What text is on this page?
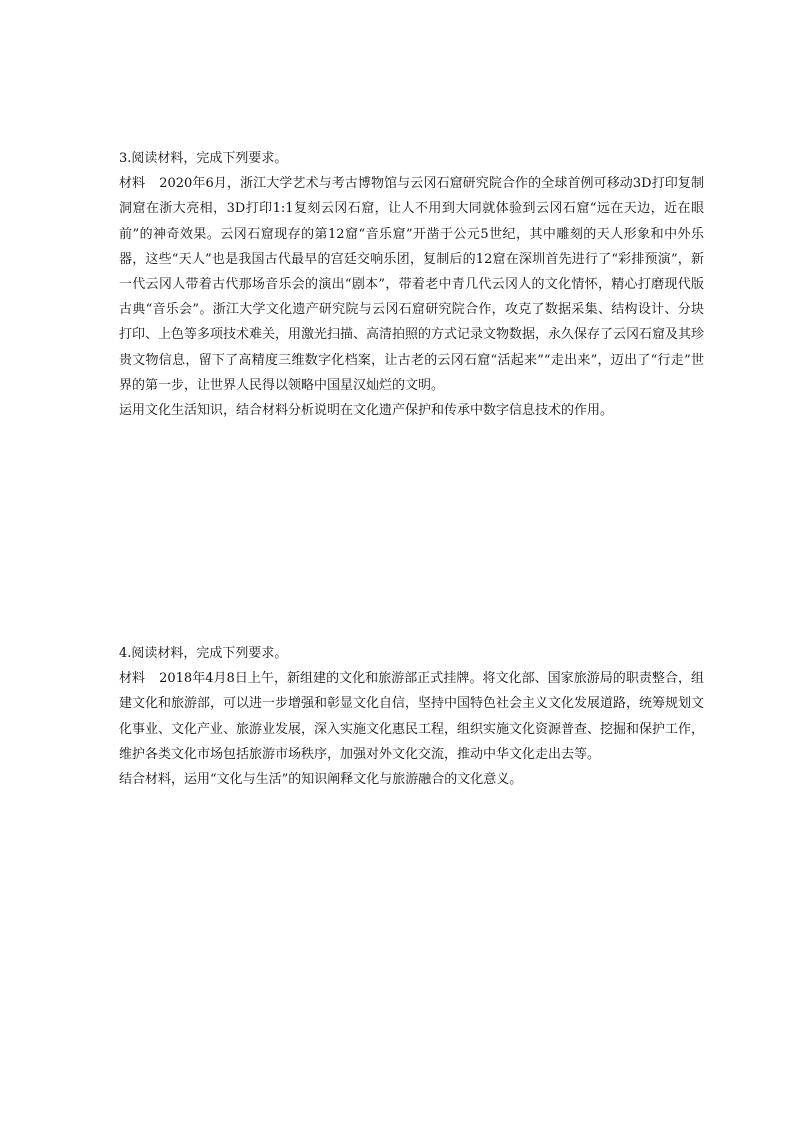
3.阅读材料，完成下列要求。

材料 2020年6月，浙江大学艺术与考古博物馆与云冈石窟研究院合作的全球首例可移动3D打印复制洞窟在浙大亮相，3D打印1:1复刻云冈石窟，让人不用到大同就体验到云冈石窟“远在天边，近在眼前”的神奇效果。云冈石窟现存的第12窟“音乐窟”开凿于公元5世纪，其中雕刻的天人形象和中外乐器，这些“天人”也是我国古代最早的宫廷交响乐团，复制后的12窟在深圳首先进行了“彩排预演”，新一代云冈人带着古代那场音乐会的演出“剧本”，带着老中青几代云冈人的文化情怀，精心打磨现代版古典“音乐会”。浙江大学文化遗产研究院与云冈石窟研究院合作，攻克了数据采集、结构设计、分块打印、上色等多项技术难关，用激光扫描、高清拍照的方式记录文物数据，永久保存了云冈石窟及其珍贵文物信息，留下了高精度三维数字化档案，让古老的云冈石窟“活起来”“走出来”，迈出了“行走”世界的第一步，让世界人民得以领略中国星汉灿烂的文明。

运用文化生活知识，结合材料分析说明在文化遗产保护和传承中数字信息技术的作用。

4.阅读材料，完成下列要求。

材料 2018年4月8日上午，新组建的文化和旅游部正式挂牌。将文化部、国家旅游局的职责整合，组建文化和旅游部，可以进一步增强和彰显文化自信，坚持中国特色社会主义文化发展道路，统筹规划文化事业、文化产业、旅游业发展，深入实施文化惠民工程，组织实施文化资源普查、挖掘和保护工作，维护各类文化市场包括旅游市场秩序，加强对外文化交流，推动中华文化走出去等。

结合材料，运用“文化与生活”的知识阐释文化与旅游融合的文化意义。
